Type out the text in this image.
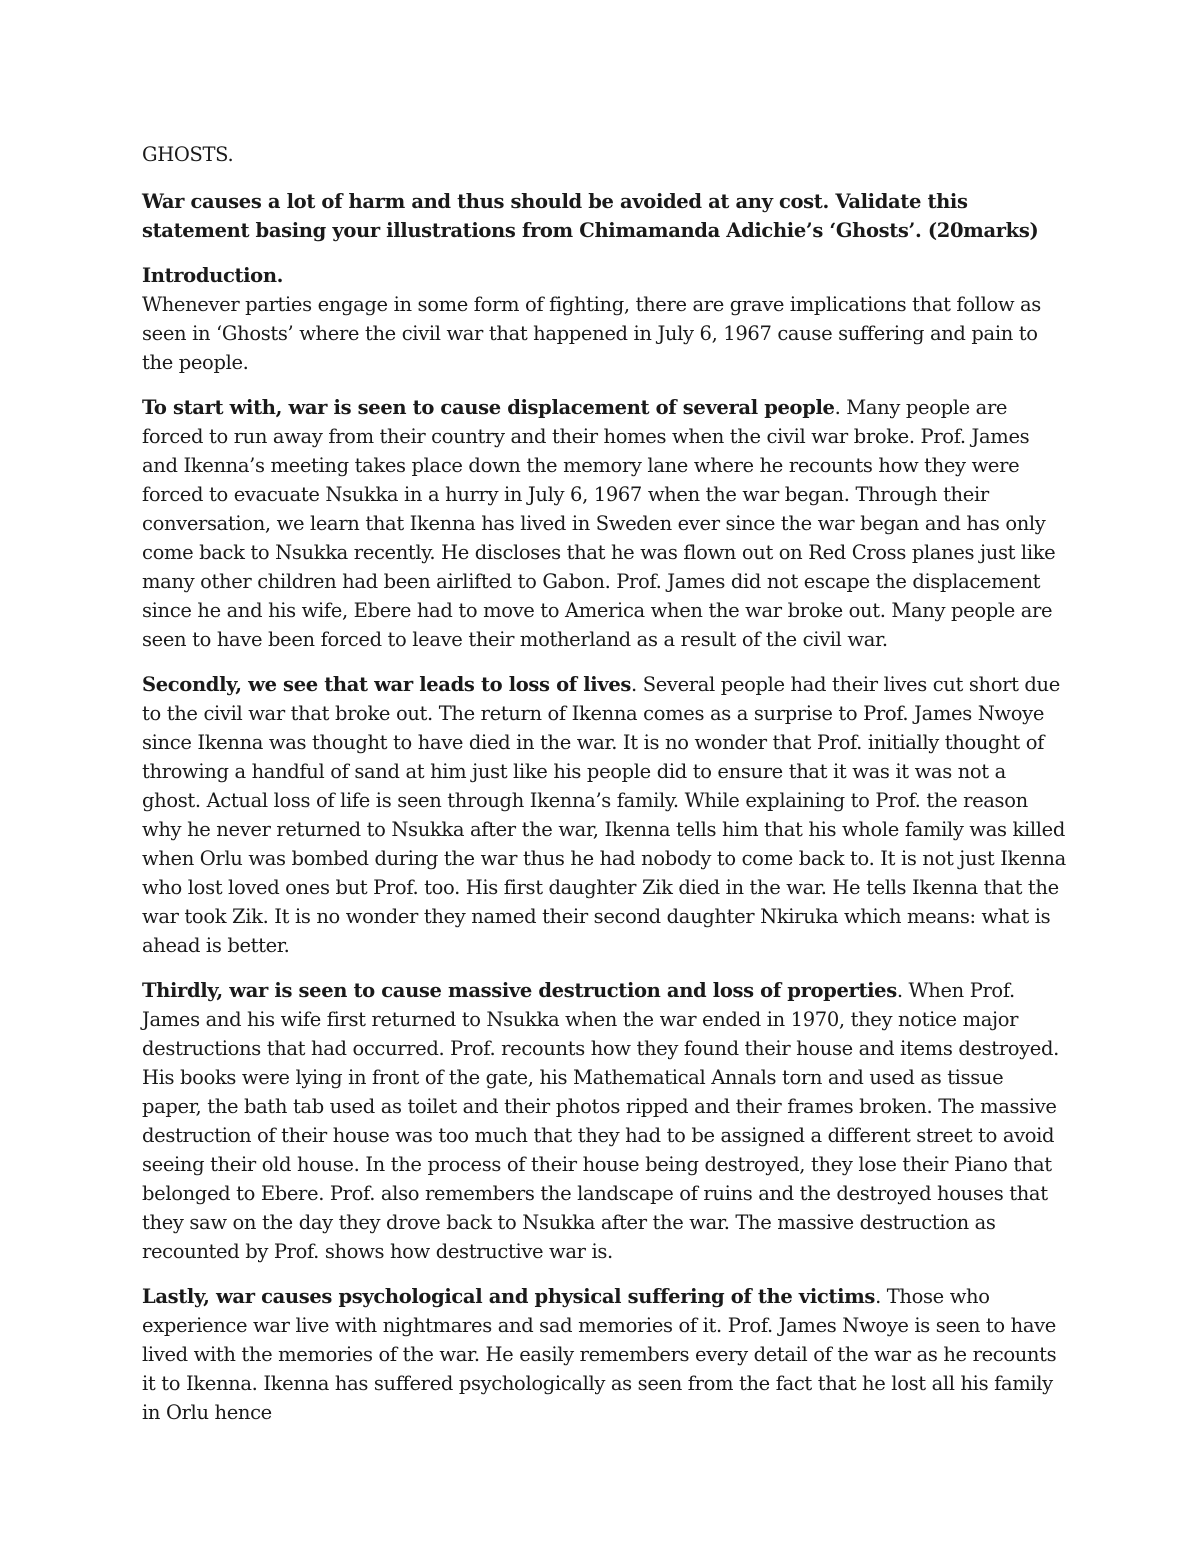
GHOSTS.

War causes a lot of harm and thus should be avoided at any cost. Validate this statement basing your illustrations from Chimamanda Adichie’s ‘Ghosts’. (20marks)

Introduction.

Whenever parties engage in some form of fighting, there are grave implications that follow as seen in ‘Ghosts’ where the civil war that happened in July 6, 1967 cause suffering and pain to the people.

To start with, war is seen to cause displacement of several people. Many people are forced to run away from their country and their homes when the civil war broke. Prof. James and Ikenna’s meeting takes place down the memory lane where he recounts how they were forced to evacuate Nsukka in a hurry in July 6, 1967 when the war began. Through their conversation, we learn that Ikenna has lived in Sweden ever since the war began and has only come back to Nsukka recently. He discloses that he was flown out on Red Cross planes just like many other children had been airlifted to Gabon. Prof. James did not escape the displacement since he and his wife, Ebere had to move to America when the war broke out. Many people are seen to have been forced to leave their motherland as a result of the civil war.

Secondly, we see that war leads to loss of lives. Several people had their lives cut short due to the civil war that broke out. The return of Ikenna comes as a surprise to Prof. James Nwoye since Ikenna was thought to have died in the war. It is no wonder that Prof. initially thought of throwing a handful of sand at him just like his people did to ensure that it was it was not a ghost. Actual loss of life is seen through Ikenna’s family. While explaining to Prof. the reason why he never returned to Nsukka after the war, Ikenna tells him that his whole family was killed when Orlu was bombed during the war thus he had nobody to come back to. It is not just Ikenna who lost loved ones but Prof. too. His first daughter Zik died in the war. He tells Ikenna that the war took Zik. It is no wonder they named their second daughter Nkiruka which means: what is ahead is better.

Thirdly, war is seen to cause massive destruction and loss of properties. When Prof. James and his wife first returned to Nsukka when the war ended in 1970, they notice major destructions that had occurred. Prof. recounts how they found their house and items destroyed. His books were lying in front of the gate, his Mathematical Annals torn and used as tissue paper, the bath tab used as toilet and their photos ripped and their frames broken. The massive destruction of their house was too much that they had to be assigned a different street to avoid seeing their old house. In the process of their house being destroyed, they lose their Piano that belonged to Ebere. Prof. also remembers the landscape of ruins and the destroyed houses that they saw on the day they drove back to Nsukka after the war. The massive destruction as recounted by Prof. shows how destructive war is.

Lastly, war causes psychological and physical suffering of the victims. Those who experience war live with nightmares and sad memories of it. Prof. James Nwoye is seen to have lived with the memories of the war. He easily remembers every detail of the war as he recounts it to Ikenna. Ikenna has suffered psychologically as seen from the fact that he lost all his family in Orlu hence
